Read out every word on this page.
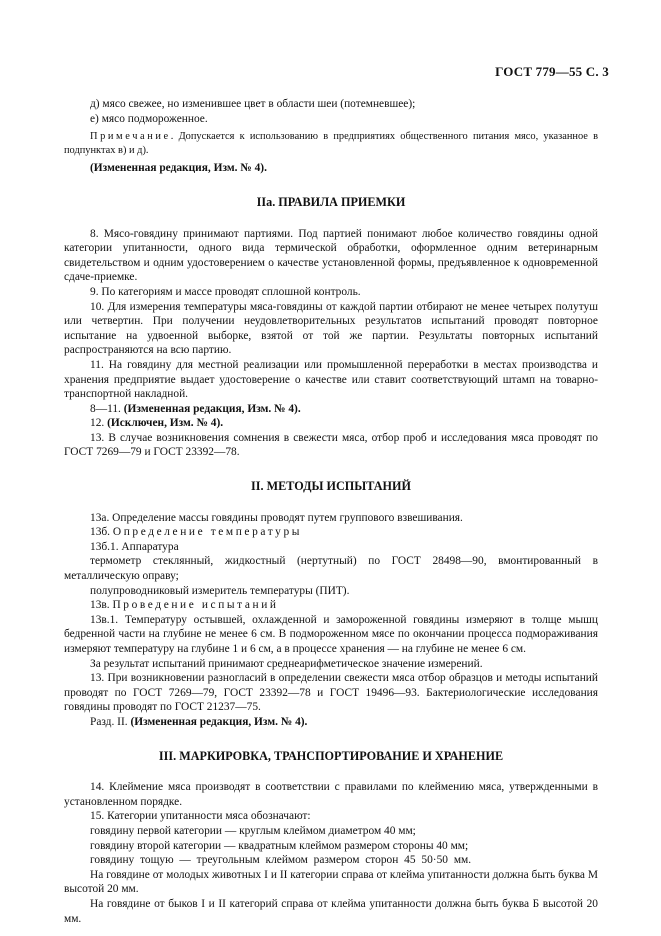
ГОСТ 779—55 С. 3

д) мясо свежее, но изменившее цвет в области шеи (потемневшее);

е) мясо подмороженное.

Примечание. Допускается к использованию в предприятиях общественного питания мясо, указанное в подпунктах в) и д).

(Измененная редакция, Изм. № 4).

IIа. ПРАВИЛА ПРИЕМКИ

8. Мясо-говядину принимают партиями. Под партией понимают любое количество говядины одной категории упитанности, одного вида термической обработки, оформленное одним ветеринарным свидетельством и одним удостоверением о качестве установленной формы, предъявленное к одновременной сдаче-приемке.

9. По категориям и массе проводят сплошной контроль.

10. Для измерения температуры мяса-говядины от каждой партии отбирают не менее четырех полутуш или четвертин. При получении неудовлетворительных результатов испытаний проводят повторное испытание на удвоенной выборке, взятой от той же партии. Результаты повторных испытаний распространяются на всю партию.

11. На говядину для местной реализации или промышленной переработки в местах производства и хранения предприятие выдает удостоверение о качестве или ставит соответствующий штамп на товарно-транспортной накладной.

8—11. (Измененная редакция, Изм. № 4).

12. (Исключен, Изм. № 4).

13. В случае возникновения сомнения в свежести мяса, отбор проб и исследования мяса проводят по ГОСТ 7269—79 и ГОСТ 23392—78.

II. МЕТОДЫ ИСПЫТАНИЙ

13а. Определение массы говядины проводят путем группового взвешивания.

13б. Определение температуры

13б.1. Аппаратура

термометр стеклянный, жидкостный (нертутный) по ГОСТ 28498—90, вмонтированный в металлическую оправу;

полупроводниковый измеритель температуры (ПИТ).

13в. Проведение испытаний

13в.1. Температуру остывшей, охлажденной и замороженной говядины измеряют в толще мышц бедренной части на глубине не менее 6 см. В подмороженном мясе по окончании процесса подмораживания измеряют температуру на глубине 1 и 6 см, а в процессе хранения — на глубине не менее 6 см.

За результат испытаний принимают среднеарифметическое значение измерений.

13. При возникновении разногласий в определении свежести мяса отбор образцов и методы испытаний проводят по ГОСТ 7269—79, ГОСТ 23392—78 и ГОСТ 19496—93. Бактериологические исследования говядины проводят по ГОСТ 21237—75.

Разд. II. (Измененная редакция, Изм. № 4).

III. МАРКИРОВКА, ТРАНСПОРТИРОВАНИЕ И ХРАНЕНИЕ

14. Клеймение мяса производят в соответствии с правилами по клеймению мяса, утвержденными в установленном порядке.

15. Категории упитанности мяса обозначают:

говядину первой категории — круглым клеймом диаметром 40 мм;

говядину второй категории — квадратным клеймом размером стороны 40 мм;

говядину тощую — треугольным клеймом размером сторон 45 50·50 мм.

На говядине от молодых животных I и II категории справа от клейма упитанности должна быть буква М высотой 20 мм.

На говядине от быков I и II категорий справа от клейма упитанности должна быть буква Б высотой 20 мм.
